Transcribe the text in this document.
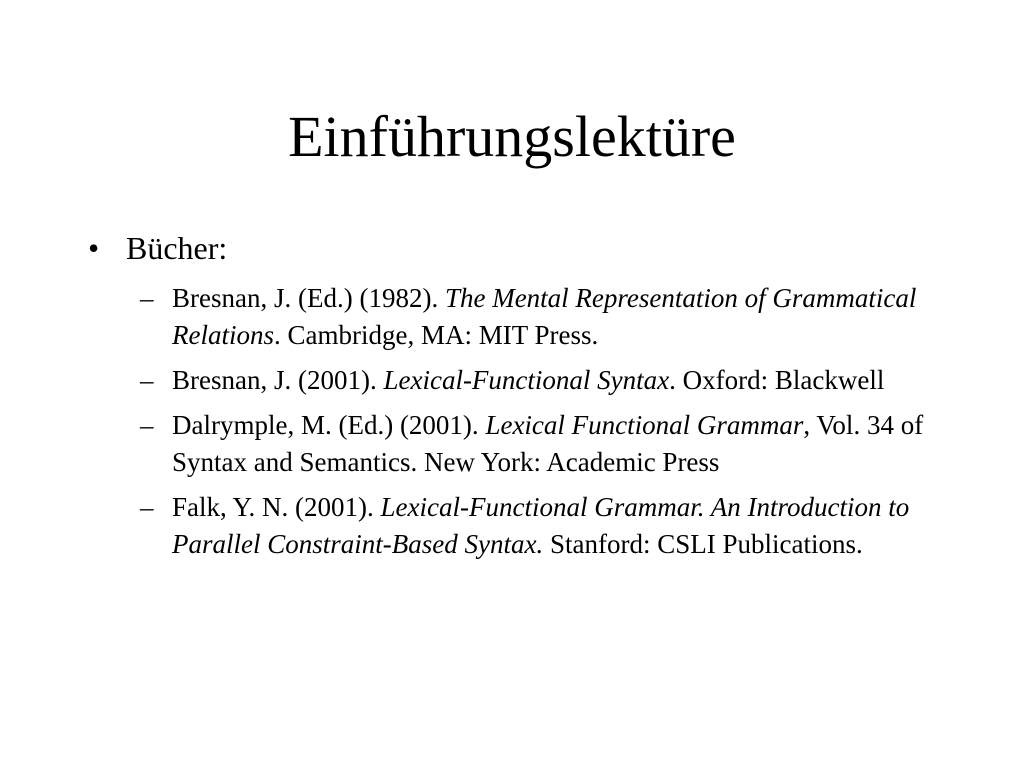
Einführungslektüre
• Bücher:
– Bresnan, J. (Ed.) (1982). The Mental Representation of Grammatical Relations. Cambridge, MA: MIT Press.
– Bresnan, J. (2001). Lexical-Functional Syntax. Oxford: Blackwell
– Dalrymple, M. (Ed.) (2001). Lexical Functional Grammar, Vol. 34 of Syntax and Semantics. New York: Academic Press
– Falk, Y. N. (2001). Lexical-Functional Grammar. An Introduction to Parallel Constraint-Based Syntax. Stanford: CSLI Publications.
